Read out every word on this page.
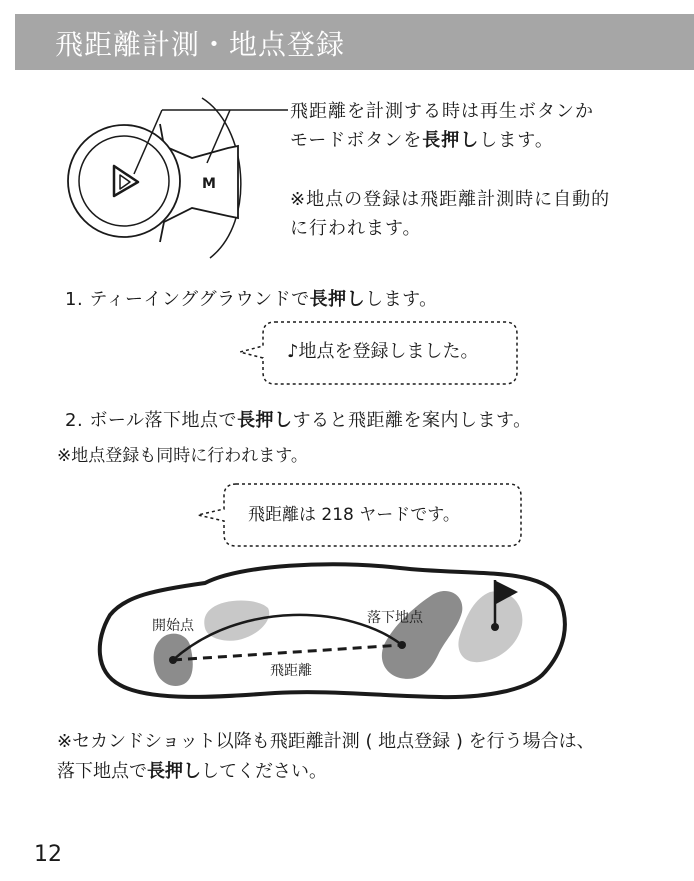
飛距離計測・地点登録
M

飛距離を計測する時は再生ボタンか

モードボタンを長押しします。

※地点の登録は飛距離計測時に自動的

に行われます。

1. ティーインググラウンドで長押しします。
♪地点を登録しました。
2. ボール落下地点で長押しすると飛距離を案内します。
※地点登録も同時に行われます。
飛距離は 218 ヤードです。
開始点	落下地点
飛距離

※セカンドショット以降も飛距離計測 ( 地点登録 ) を行う場合は、

落下地点で長押ししてください。

12
